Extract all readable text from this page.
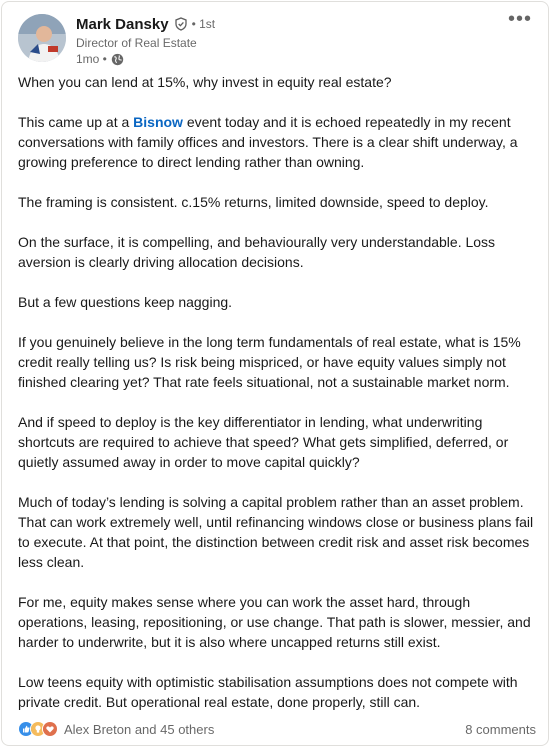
Mark Dansky • 1st
Director of Real Estate
1mo •
•••

When you can lend at 15%, why invest in equity real estate?

This came up at a Bisnow event today and it is echoed repeatedly in my recent conversations with family offices and investors. There is a clear shift underway, a growing preference to direct lending rather than owning.

The framing is consistent. c.15% returns, limited downside, speed to deploy.

On the surface, it is compelling, and behaviourally very understandable. Loss aversion is clearly driving allocation decisions.

But a few questions keep nagging.

If you genuinely believe in the long term fundamentals of real estate, what is 15% credit really telling us? Is risk being mispriced, or have equity values simply not finished clearing yet? That rate feels situational, not a sustainable market norm.

And if speed to deploy is the key differentiator in lending, what underwriting shortcuts are required to achieve that speed? What gets simplified, deferred, or quietly assumed away in order to move capital quickly?

Much of today’s lending is solving a capital problem rather than an asset problem. That can work extremely well, until refinancing windows close or business plans fail to execute. At that point, the distinction between credit risk and asset risk becomes less clean.

For me, equity makes sense where you can work the asset hard, through operations, leasing, repositioning, or use change. That path is slower, messier, and harder to underwrite, but it is also where uncapped returns still exist.

Low teens equity with optimistic stabilisation assumptions does not compete with private credit. But operational real estate, done properly, still can.

Alex Breton and 45 others	8 comments
